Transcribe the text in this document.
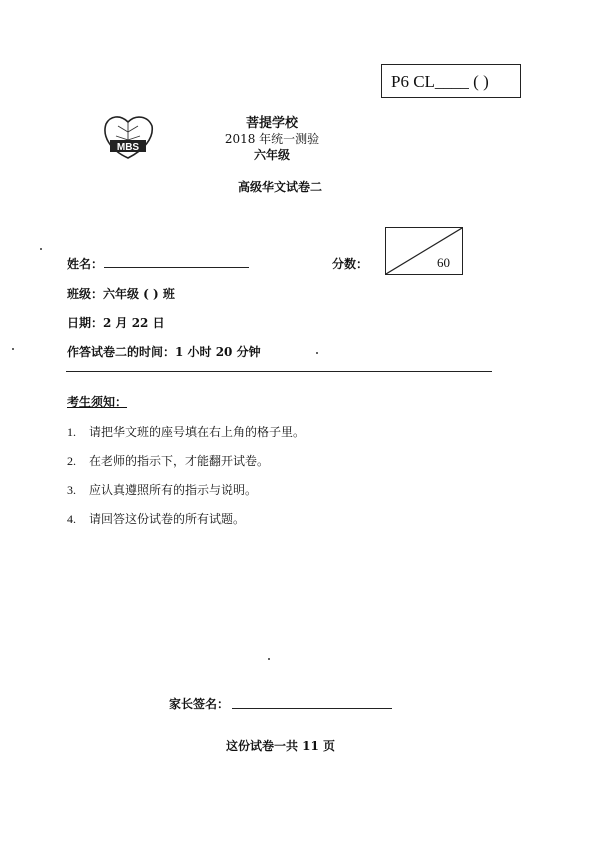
P6 CL____ ( )
MBS
菩提学校
2018 年统一测验
六年级
高级华文试卷二
姓名：	分数：	60
班级：六年级 ( ) 班
日期：2 月 22 日
作答试卷二的时间：1 小时 20 分钟
考生须知：
1. 请把华文班的座号填在右上角的格子里。
2. 在老师的指示下，才能翻开试卷。
3. 应认真遵照所有的指示与说明。
4. 请回答这份试卷的所有试题。
家长签名：
这份试卷一共 11 页
